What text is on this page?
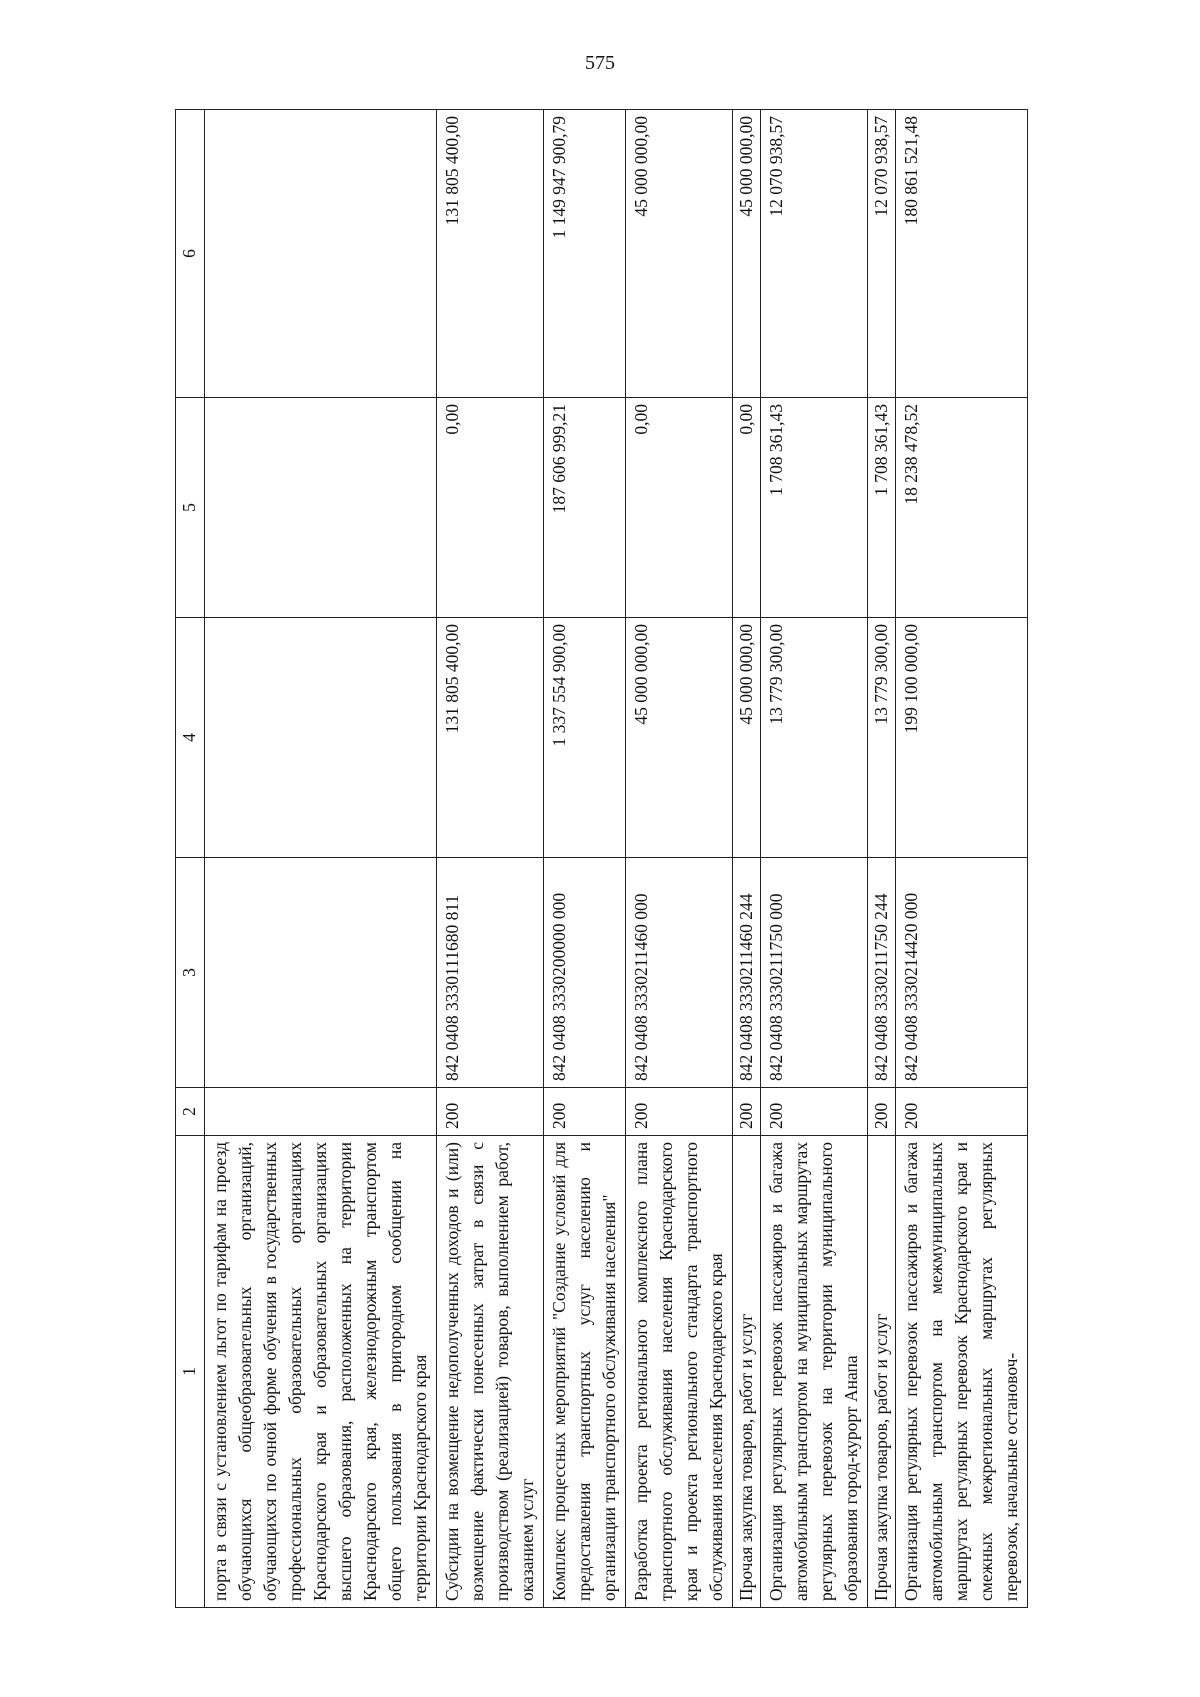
575
1	2	3	4	5	6
порта в связи с установлением льгот по тарифам на проезд обучающихся общеобразовательных организаций, обучающихся по очной форме обучения в государственных профессиональных образовательных организациях Краснодарского края и образовательных организациях высшего образования, расположенных на территории Краснодарского края, железнодорожным транспортом общего пользования в пригородном сообщении на территории Краснодарского края					
Субсидии на возмещение недополученных доходов и (или) возмещение фактически понесенных затрат в связи с производством (реализацией) товаров, выполнением работ, оказанием услуг	200	842 0408 3330111680 811	131 805 400,00	0,00	131 805 400,00
Комплекс процессных мероприятий "Создание условий для предоставления транспортных услуг населению и организации транспортного обслуживания населения"	200	842 0408 3330200000 000	1 337 554 900,00	187 606 999,21	1 149 947 900,79
Разработка проекта регионального комплексного плана транспортного обслуживания населения Краснодарского края и проекта регионального стандарта транспортного обслуживания населения Краснодарского края	200	842 0408 3330211460 000	45 000 000,00	0,00	45 000 000,00
Прочая закупка товаров, работ и услуг	200	842 0408 3330211460 244	45 000 000,00	0,00	45 000 000,00
Организация регулярных перевозок пассажиров и багажа автомобильным транспортом на муниципальных маршрутах регулярных перевозок на территории муниципального образования город-курорт Анапа	200	842 0408 3330211750 000	13 779 300,00	1 708 361,43	12 070 938,57
Прочая закупка товаров, работ и услуг	200	842 0408 3330211750 244	13 779 300,00	1 708 361,43	12 070 938,57
Организация регулярных перевозок пассажиров и багажа автомобильным транспортом на межмуниципальных маршрутах регулярных перевозок Краснодарского края и смежных межрегиональных маршрутах регулярных перевозок, начальные остановоч-	200	842 0408 3330214420 000	199 100 000,00	18 238 478,52	180 861 521,48
